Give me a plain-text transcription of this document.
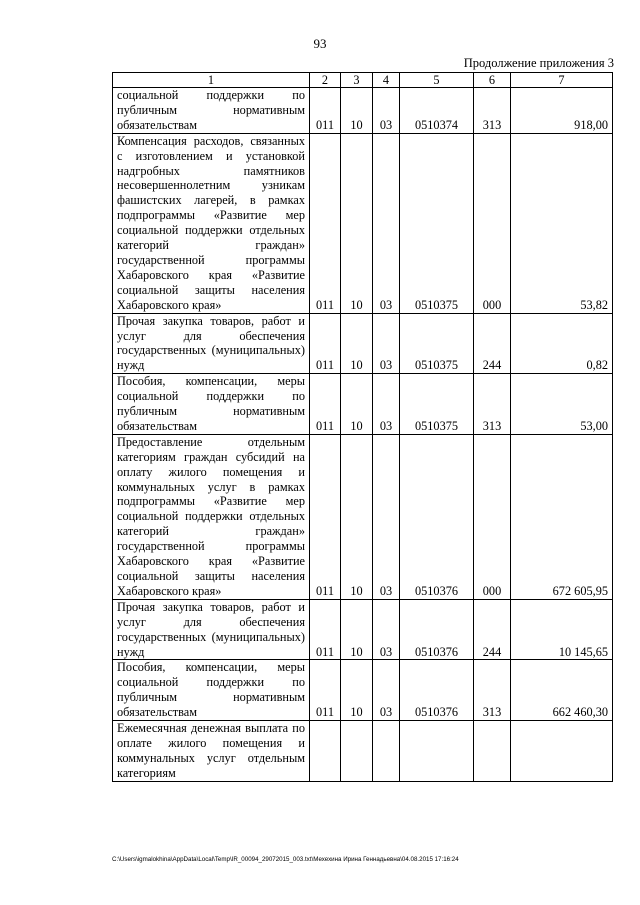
93
Продолжение приложения 3
1	2	3	4	5	6	7
социальной поддержки по публичным нормативным обязательствам	011	10	03	0510374	313	918,00
Компенсация расходов, связанных с изготовлением и установкой надгробных памятников несовершеннолетним узникам фашистских лагерей, в рамках подпрограммы «Развитие мер социальной поддержки отдельных категорий граждан» государственной программы Хабаровского края «Развитие социальной защиты населения Хабаровского края»	011	10	03	0510375	000	53,82
Прочая закупка товаров, работ и услуг для обеспечения государственных (муниципальных) нужд	011	10	03	0510375	244	0,82
Пособия, компенсации, меры социальной поддержки по публичным нормативным обязательствам	011	10	03	0510375	313	53,00
Предоставление отдельным категориям граждан субсидий на оплату жилого помещения и коммунальных услуг в рамках подпрограммы «Развитие мер социальной поддержки отдельных категорий граждан» государственной программы Хабаровского края «Развитие социальной защиты населения Хабаровского края»	011	10	03	0510376	000	672 605,95
Прочая закупка товаров, работ и услуг для обеспечения государственных (муниципальных) нужд	011	10	03	0510376	244	10 145,65
Пособия, компенсации, меры социальной поддержки по публичным нормативным обязательствам	011	10	03	0510376	313	662 460,30
Ежемесячная денежная выплата по оплате жилого помещения и коммунальных услуг отдельным категориям						
C:\Users\igmalokhina\AppData\Local\Temp\IR_00094_29072015_003.txt\Мехехина Ирина Геннадьевна\04.08.2015 17:16:24
